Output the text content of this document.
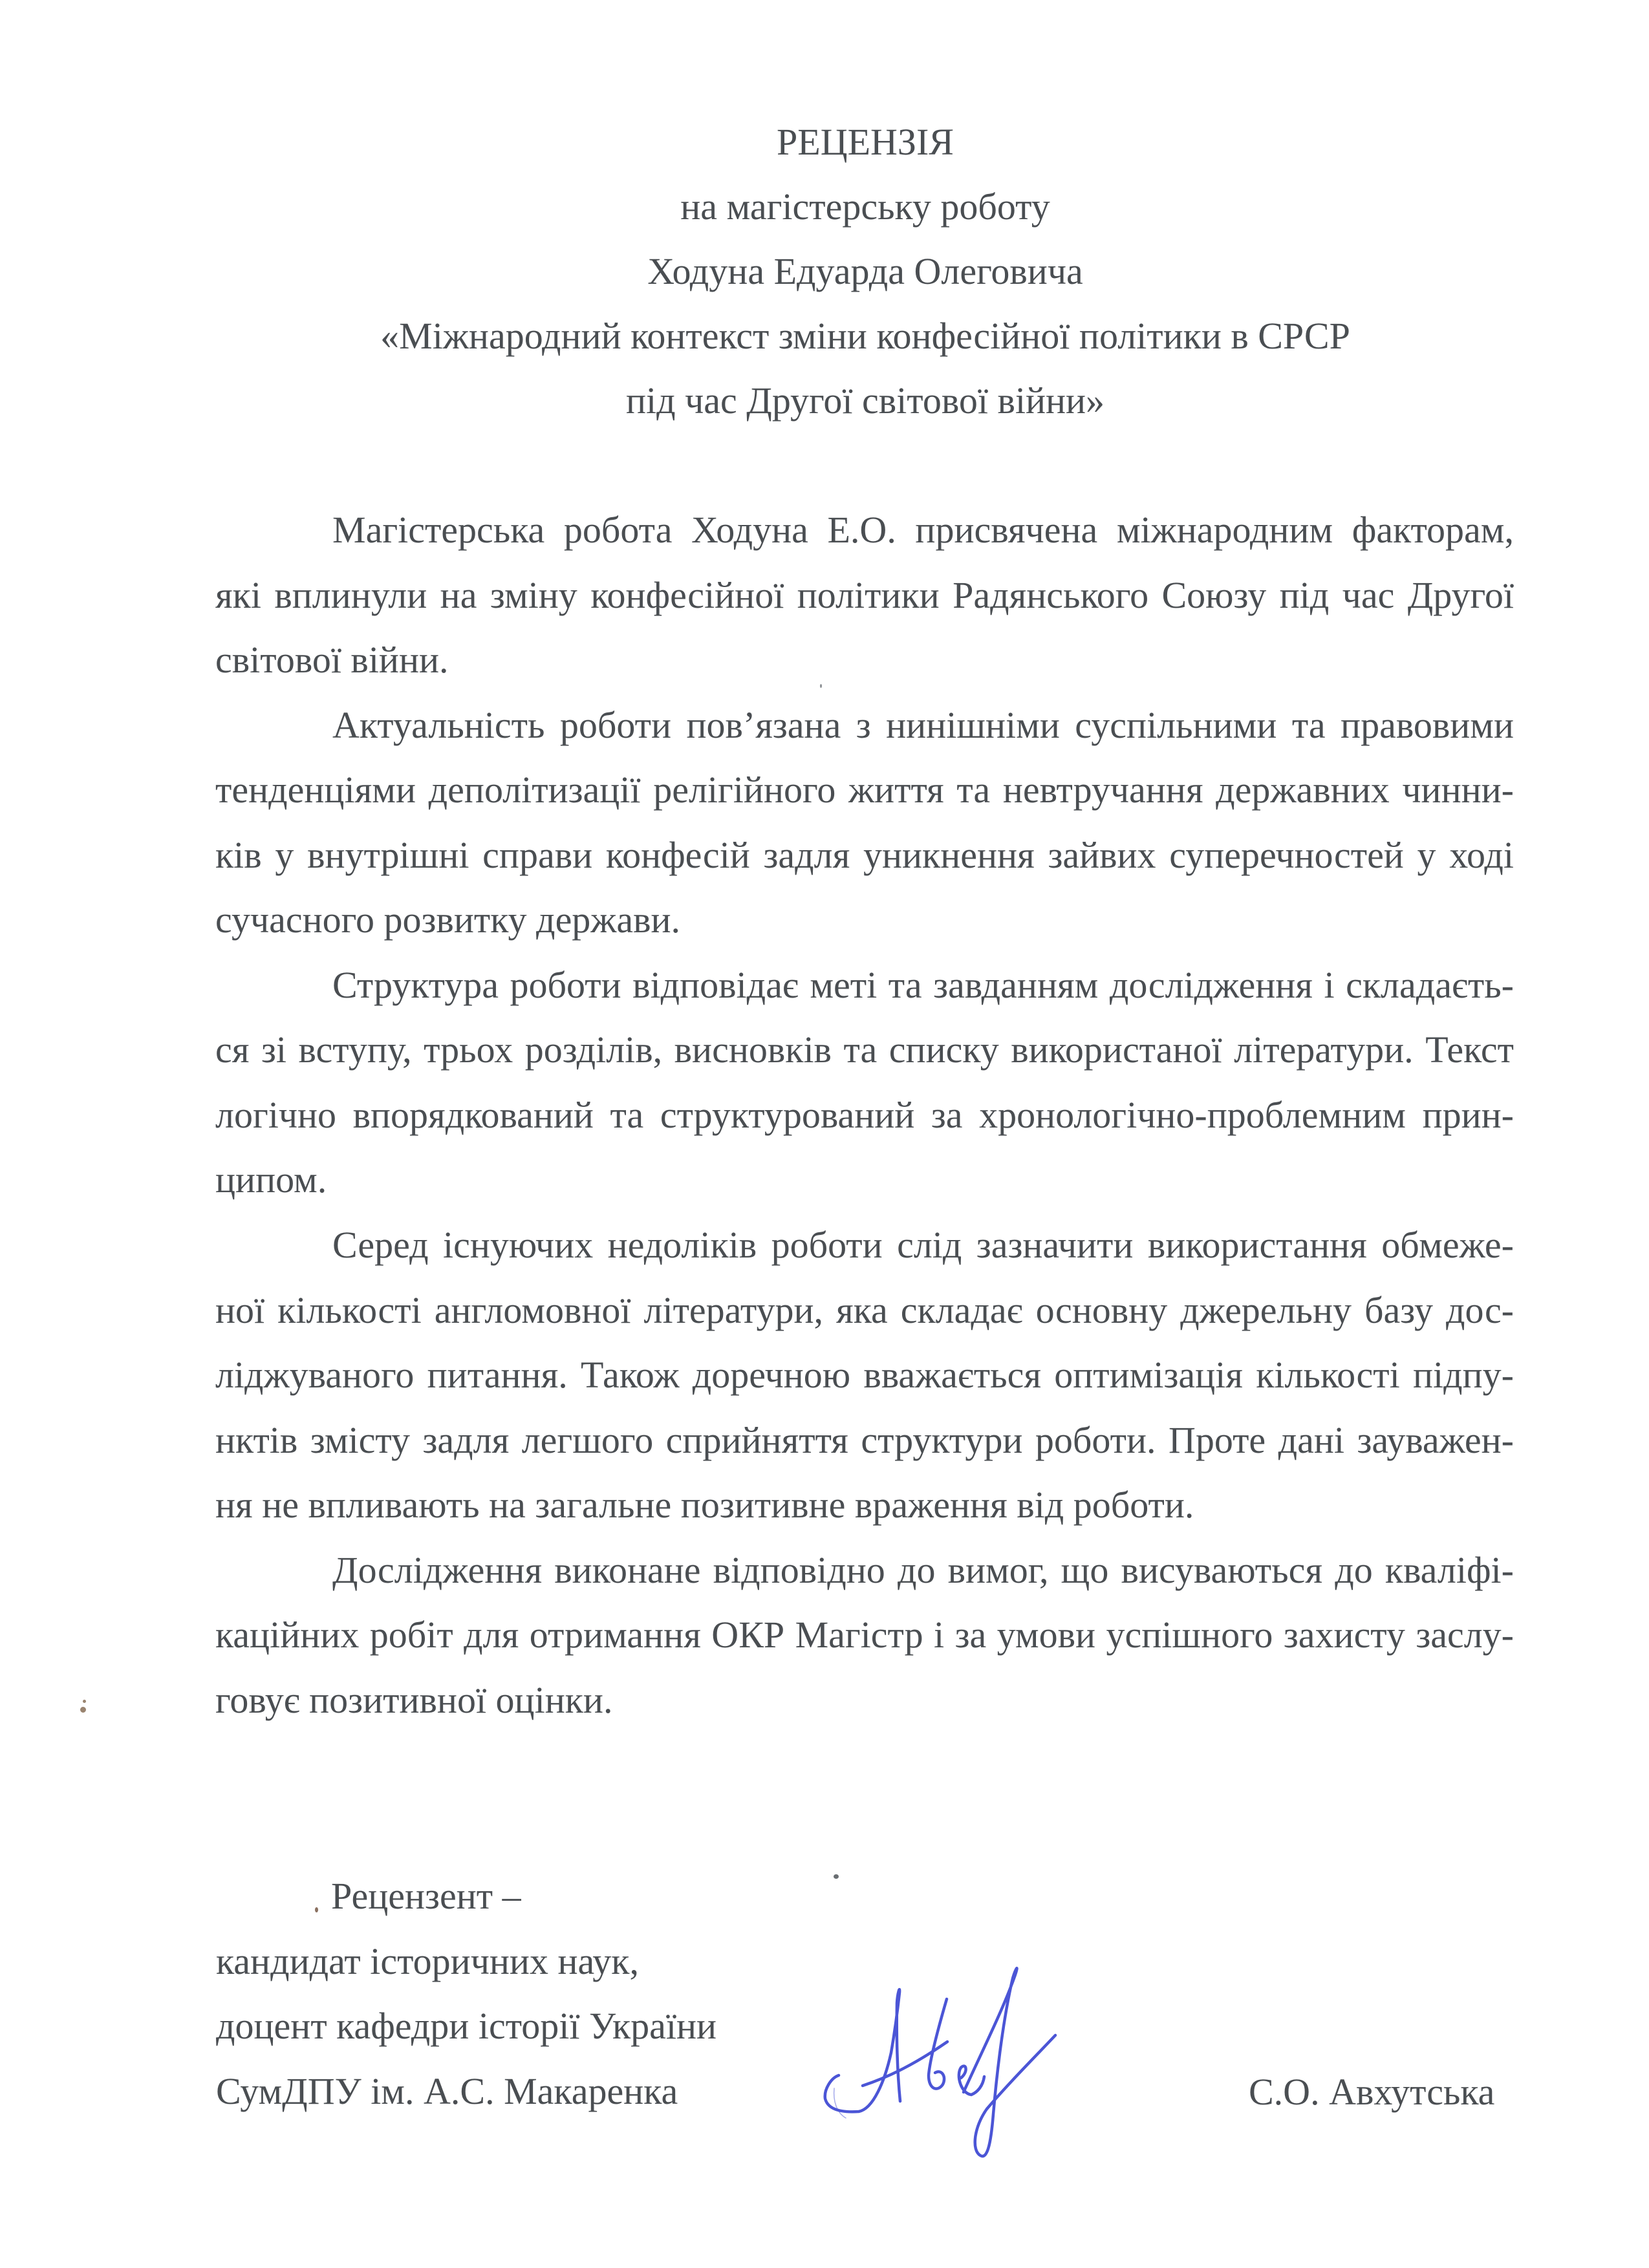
РЕЦЕНЗІЯ
на магістерську роботу
Ходуна Едуарда Олеговича
«Міжнародний контекст зміни конфесійної політики в СРСР
під час Другої світової війни»
Магістерська робота Ходуна Е.О. присвячена міжнародним факторам,
які вплинули на зміну конфесійної політики Радянського Союзу під час Другої
світової війни.
Актуальність роботи пов’язана з нинішніми суспільними та правовими
тенденціями деполітизації релігійного життя та невтручання державних чинни-
ків у внутрішні справи конфесій задля уникнення зайвих суперечностей у ході
сучасного розвитку держави.
Структура роботи відповідає меті та завданням дослідження і складаєть-
ся зі вступу, трьох розділів, висновків та списку використаної літератури. Текст
логічно впорядкований та структурований за хронологічно-проблемним прин-
ципом.
Серед існуючих недоліків роботи слід зазначити використання обмеже-
ної кількості англомовної літератури, яка складає основну джерельну базу дос-
ліджуваного питання. Також доречною вважається оптимізація кількості підпу-
нктів змісту задля легшого сприйняття структури роботи. Проте дані зауважен-
ня не впливають на загальне позитивне враження від роботи.
Дослідження виконане відповідно до вимог, що висуваються до кваліфі-
каційних робіт для отримання ОКР Магістр і за умови успішного захисту заслу-
говує позитивної оцінки.
Рецензент –
кандидат історичних наук,
доцент кафедри історії України
СумДПУ ім. А.С. Макаренка	С.О. Авхутська
